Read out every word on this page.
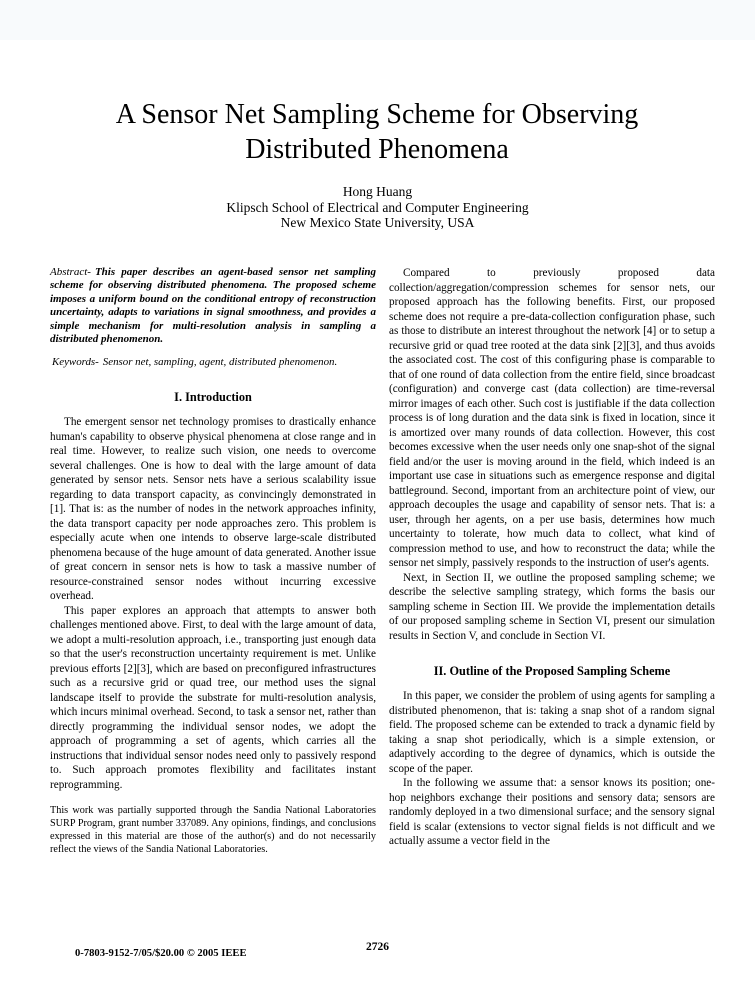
A Sensor Net Sampling Scheme for Observing Distributed Phenomena
Hong Huang
Klipsch School of Electrical and Computer Engineering
New Mexico State University, USA
Abstract- This paper describes an agent-based sensor net sampling scheme for observing distributed phenomena. The proposed scheme imposes a uniform bound on the conditional entropy of reconstruction uncertainty, adapts to variations in signal smoothness, and provides a simple mechanism for multi-resolution analysis in sampling a distributed phenomenon.
Keywords- Sensor net, sampling, agent, distributed phenomenon.
I. Introduction

The emergent sensor net technology promises to drastically enhance human's capability to observe physical phenomena at close range and in real time. However, to realize such vision, one needs to overcome several challenges. One is how to deal with the large amount of data generated by sensor nets. Sensor nets have a serious scalability issue regarding to data transport capacity, as convincingly demonstrated in [1]. That is: as the number of nodes in the network approaches infinity, the data transport capacity per node approaches zero. This problem is especially acute when one intends to observe large-scale distributed phenomena because of the huge amount of data generated. Another issue of great concern in sensor nets is how to task a massive number of resource-constrained sensor nodes without incurring excessive overhead.

This paper explores an approach that attempts to answer both challenges mentioned above. First, to deal with the large amount of data, we adopt a multi-resolution approach, i.e., transporting just enough data so that the user's reconstruction uncertainty requirement is met. Unlike previous efforts [2][3], which are based on preconfigured infrastructures such as a recursive grid or quad tree, our method uses the signal landscape itself to provide the substrate for multi-resolution analysis, which incurs minimal overhead. Second, to task a sensor net, rather than directly programming the individual sensor nodes, we adopt the approach of programming a set of agents, which carries all the instructions that individual sensor nodes need only to passively respond to. Such approach promotes flexibility and facilitates instant reprogramming.

This work was partially supported through the Sandia National Laboratories SURP Program, grant number 337089. Any opinions, findings, and conclusions expressed in this material are those of the author(s) and do not necessarily reflect the views of the Sandia National Laboratories.

Compared to previously proposed data collection/aggregation/compression schemes for sensor nets, our proposed approach has the following benefits. First, our proposed scheme does not require a pre-data-collection configuration phase, such as those to distribute an interest throughout the network [4] or to setup a recursive grid or quad tree rooted at the data sink [2][3], and thus avoids the associated cost. The cost of this configuring phase is comparable to that of one round of data collection from the entire field, since broadcast (configuration) and converge cast (data collection) are time-reversal mirror images of each other. Such cost is justifiable if the data collection process is of long duration and the data sink is fixed in location, since it is amortized over many rounds of data collection. However, this cost becomes excessive when the user needs only one snap-shot of the signal field and/or the user is moving around in the field, which indeed is an important use case in situations such as emergence response and digital battleground. Second, important from an architecture point of view, our approach decouples the usage and capability of sensor nets. That is: a user, through her agents, on a per use basis, determines how much uncertainty to tolerate, how much data to collect, what kind of compression method to use, and how to reconstruct the data; while the sensor net simply, passively responds to the instruction of user's agents.

Next, in Section II, we outline the proposed sampling scheme; we describe the selective sampling strategy, which forms the basis our sampling scheme in Section III. We provide the implementation details of our proposed sampling scheme in Section VI, present our simulation results in Section V, and conclude in Section VI.

II. Outline of the Proposed Sampling Scheme

In this paper, we consider the problem of using agents for sampling a distributed phenomenon, that is: taking a snap shot of a random signal field. The proposed scheme can be extended to track a dynamic field by taking a snap shot periodically, which is a simple extension, or adaptively according to the degree of dynamics, which is outside the scope of the paper.

In the following we assume that: a sensor knows its position; one-hop neighbors exchange their positions and sensory data; sensors are randomly deployed in a two dimensional surface; and the sensory signal field is scalar (extensions to vector signal fields is not difficult and we actually assume a vector field in the

0-7803-9152-7/05/$20.00 © 2005 IEEE
2726
